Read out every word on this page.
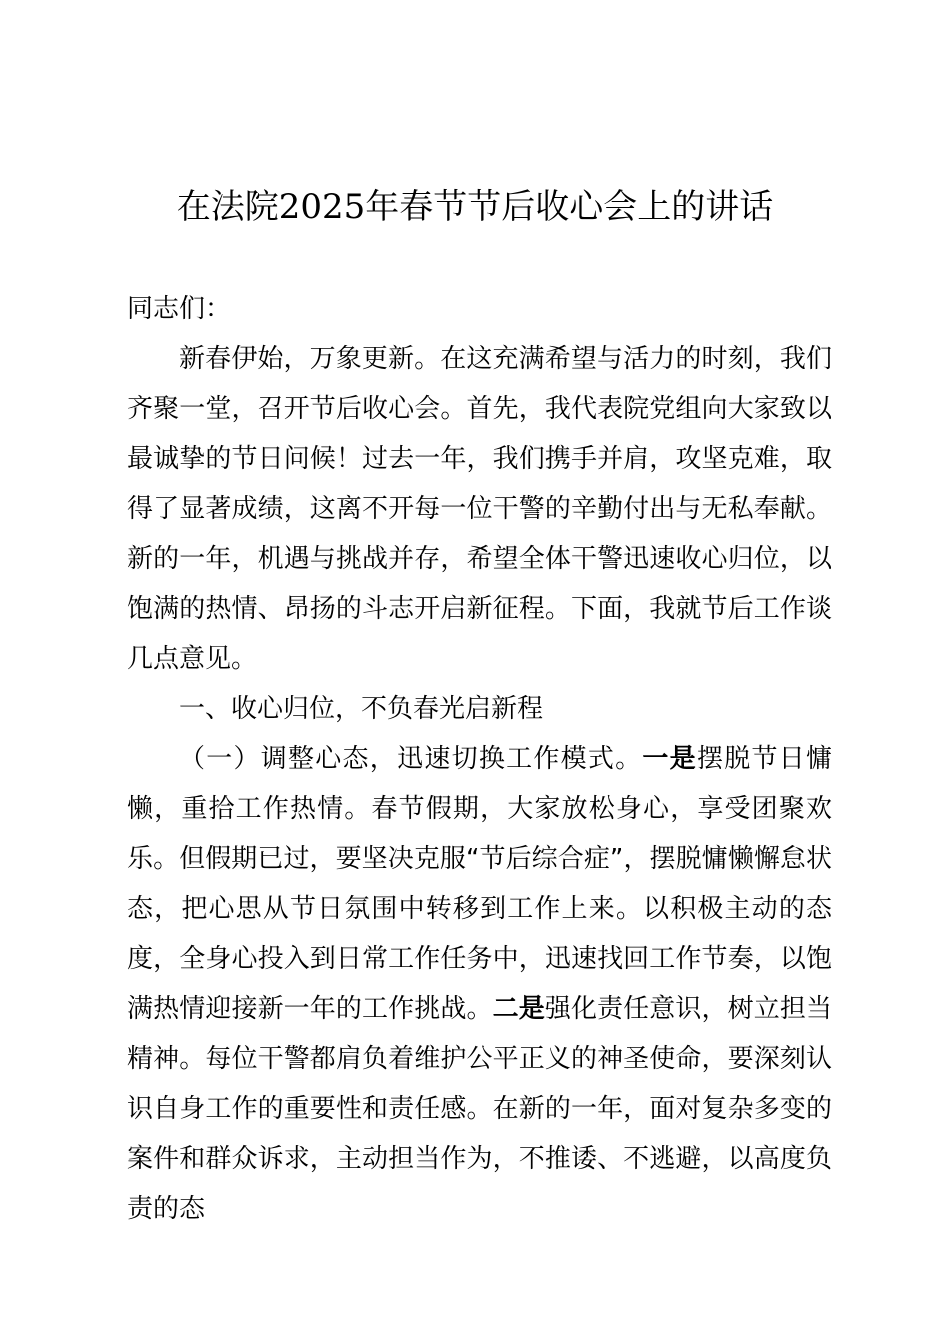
在法院2025年春节节后收心会上的讲话

同志们：

新春伊始，万象更新。在这充满希望与活力的时刻，我们齐聚一堂，召开节后收心会。首先，我代表院党组向大家致以最诚挚的节日问候！过去一年，我们携手并肩，攻坚克难，取得了显著成绩，这离不开每一位干警的辛勤付出与无私奉献。新的一年，机遇与挑战并存，希望全体干警迅速收心归位，以饱满的热情、昂扬的斗志开启新征程。下面，我就节后工作谈几点意见。

一、收心归位，不负春光启新程

（一）调整心态，迅速切换工作模式。一是摆脱节日慵懒，重拾工作热情。春节假期，大家放松身心，享受团聚欢乐。但假期已过，要坚决克服“节后综合症”，摆脱慵懒懈怠状态，把心思从节日氛围中转移到工作上来。以积极主动的态度，全身心投入到日常工作任务中，迅速找回工作节奏，以饱满热情迎接新一年的工作挑战。二是强化责任意识，树立担当精神。每位干警都肩负着维护公平正义的神圣使命，要深刻认识自身工作的重要性和责任感。在新的一年，面对复杂多变的案件和群众诉求，主动担当作为，不推诿、不逃避，以高度负责的态
